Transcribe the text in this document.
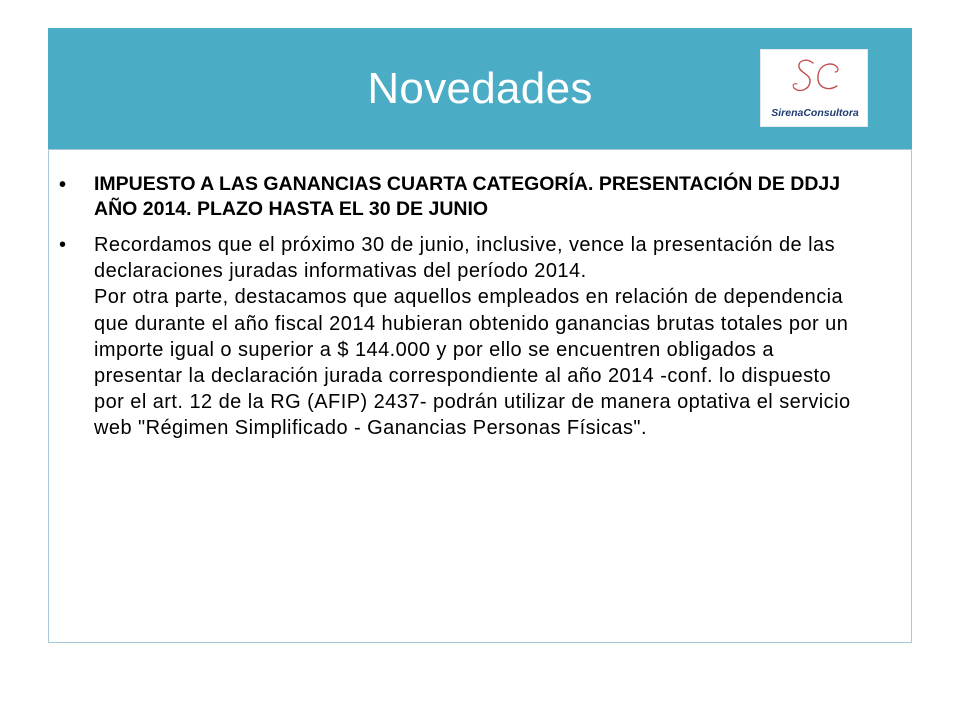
Novedades
SirenaConsultora
• IMPUESTO A LAS GANANCIAS CUARTA CATEGORÍA. PRESENTACIÓN DE DDJJ AÑO 2014. PLAZO HASTA EL 30 DE JUNIO
• Recordamos que el próximo 30 de junio, inclusive, vence la presentación de las declaraciones juradas informativas del período 2014.
Por otra parte, destacamos que aquellos empleados en relación de dependencia que durante el año fiscal 2014 hubieran obtenido ganancias brutas totales por un importe igual o superior a $ 144.000 y por ello se encuentren obligados a presentar la declaración jurada correspondiente al año 2014 -conf. lo dispuesto por el art. 12 de la RG (AFIP) 2437- podrán utilizar de manera optativa el servicio web "Régimen Simplificado - Ganancias Personas Físicas".
